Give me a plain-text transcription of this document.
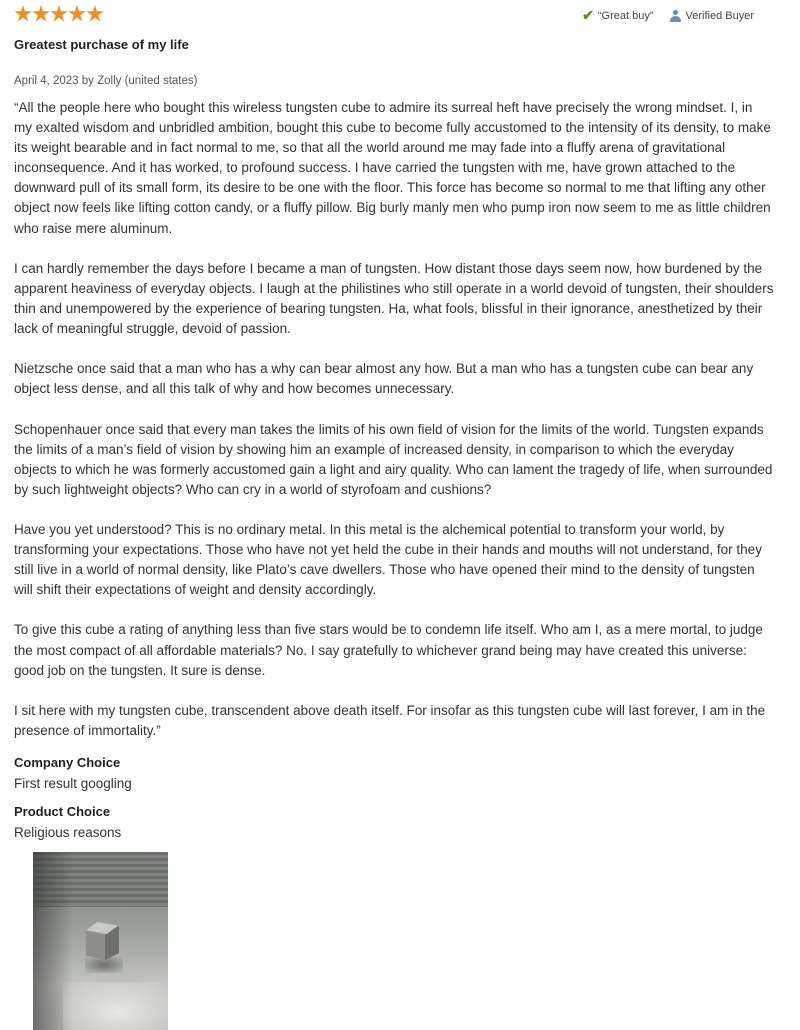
✔ “Great buy”	Verified Buyer
Greatest purchase of my life
April 4, 2023 by Zolly (united states)

“All the people here who bought this wireless tungsten cube to admire its surreal heft have precisely the wrong mindset. I, in my exalted wisdom and unbridled ambition, bought this cube to become fully accustomed to the intensity of its density, to make its weight bearable and in fact normal to me, so that all the world around me may fade into a fluffy arena of gravitational inconsequence. And it has worked, to profound success. I have carried the tungsten with me, have grown attached to the downward pull of its small form, its desire to be one with the floor. This force has become so normal to me that lifting any other object now feels like lifting cotton candy, or a fluffy pillow. Big burly manly men who pump iron now seem to me as little children who raise mere aluminum.

I can hardly remember the days before I became a man of tungsten. How distant those days seem now, how burdened by the apparent heaviness of everyday objects. I laugh at the philistines who still operate in a world devoid of tungsten, their shoulders thin and unempowered by the experience of bearing tungsten. Ha, what fools, blissful in their ignorance, anesthetized by their lack of meaningful struggle, devoid of passion.

Nietzsche once said that a man who has a why can bear almost any how. But a man who has a tungsten cube can bear any object less dense, and all this talk of why and how becomes unnecessary.

Schopenhauer once said that every man takes the limits of his own field of vision for the limits of the world. Tungsten expands the limits of a man’s field of vision by showing him an example of increased density, in comparison to which the everyday objects to which he was formerly accustomed gain a light and airy quality. Who can lament the tragedy of life, when surrounded by such lightweight objects? Who can cry in a world of styrofoam and cushions?

Have you yet understood? This is no ordinary metal. In this metal is the alchemical potential to transform your world, by transforming your expectations. Those who have not yet held the cube in their hands and mouths will not understand, for they still live in a world of normal density, like Plato’s cave dwellers. Those who have opened their mind to the density of tungsten will shift their expectations of weight and density accordingly.

To give this cube a rating of anything less than five stars would be to condemn life itself. Who am I, as a mere mortal, to judge the most compact of all affordable materials? No. I say gratefully to whichever grand being may have created this universe: good job on the tungsten. It sure is dense.

I sit here with my tungsten cube, transcendent above death itself. For insofar as this tungsten cube will last forever, I am in the presence of immortality.”

Company Choice
First result googling
Product Choice
Religious reasons
